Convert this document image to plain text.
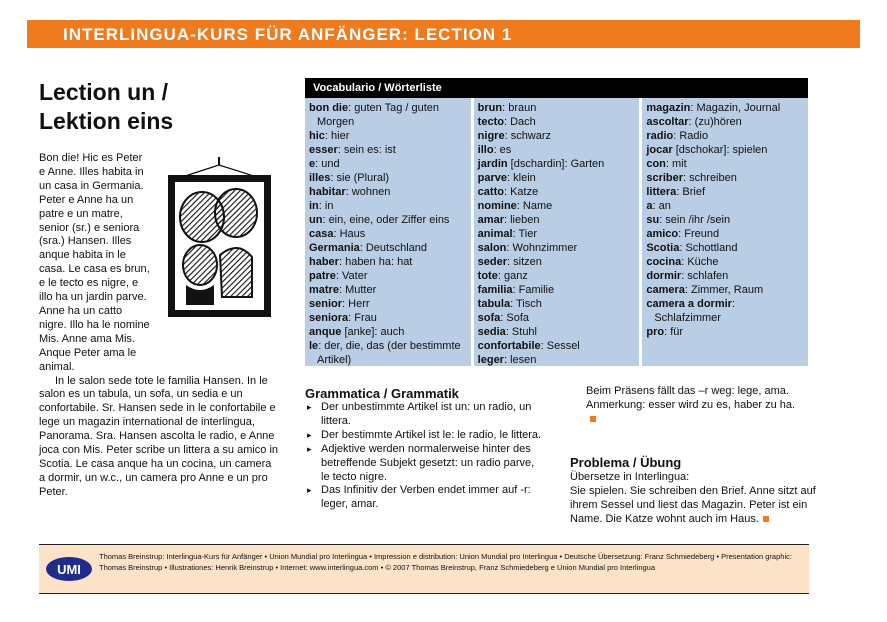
INTERLINGUA-KURS FÜR ANFÄNGER: LECTION 1
Lection un /
Lektion eins

Bon die! Hic es Peter e Anne. Illes habita in un casa in Germania. Peter e Anne ha un patre e un matre, senior (sr.) e seniora (sra.) Hansen. Illes anque habita in le casa. Le casa es brun, e le tecto es nigre, e illo ha un jardin parve. Anne ha un catto nigre. Illo ha le nomine Mis. Anne ama Mis. Anque Peter ama le animal.

In le salon sede tote le familia Hansen. In le salon es un tabula, un sofa, un sedia e un confortabile. Sr. Hansen sede in le confortabile e lege un magazin international de interlingua, Panorama. Sra. Hansen ascolta le radio, e Anne joca con Mis. Peter scribe un littera a su amico in Scotia. Le casa anque ha un cocina, un camera a dormir, un w.c., un camera pro Anne e un pro Peter.

Vocabulario / Wörterliste
bon die: guten Tag / guten Morgen
hic: hier
esser: sein es: ist
e: und
illes: sie (Plural)
habitar: wohnen
in: in
un: ein, eine, oder Ziffer eins
casa: Haus
Germania: Deutschland
haber: haben ha: hat
patre: Vater
matre: Mutter
senior: Herr
seniora: Frau
anque [anke]: auch
le: der, die, das (der bestimmte Artikel)
brun: braun
tecto: Dach
nigre: schwarz
illo: es
jardin [dschardin]: Garten
parve: klein
catto: Katze
nomine: Name
amar: lieben
animal: Tier
salon: Wohnzimmer
seder: sitzen
tote: ganz
familia: Familie
tabula: Tisch
sofa: Sofa
sedia: Stuhl
confortabile: Sessel
leger: lesen
magazin: Magazin, Journal
ascoltar: (zu)hören
radio: Radio
jocar [dschokar]: spielen
con: mit
scriber: schreiben
littera: Brief
a: an
su: sein /ihr /sein
amico: Freund
Scotia: Schottland
cocina: Küche
dormir: schlafen
camera: Zimmer, Raum
camera a dormir: Schlafzimmer
pro: für
Grammatica / Grammatik
▸ Der unbestimmte Artikel ist un: un radio, un littera.
▸ Der bestimmte Artikel ist le: le radio, le littera.
▸ Adjektive werden normalerweise hinter des betreffende Subjekt gesetzt: un radio parve, le tecto nigre.
▸ Das Infinitiv der Verben endet immer auf -r: leger, amar.
Beim Präsens fällt das –r weg: lege, ama.
Anmerkung: esser wird zu es, haber zu ha.
Problema / Übung
Übersetze in Interlingua:
Sie spielen. Sie schreiben den Brief. Anne sitzt auf ihrem Sessel und liest das Magazin. Peter ist ein Name. Die Katze wohnt auch im Haus.
UMI
Thomas Breinstrup: Interlingua-Kurs für Anfänger • Union Mundial pro Interlingua • Impression e distribution: Union Mundial pro Interlingua • Deutsche Übersetzung: Franz Schmiedeberg • Presentation graphic: Thomas Breinstrup • Illustrationes: Henrik Breinstrup • Internet: www.interlingua.com • © 2007 Thomas Breinstrup, Franz Schmiedeberg e Union Mundial pro Interlingua
